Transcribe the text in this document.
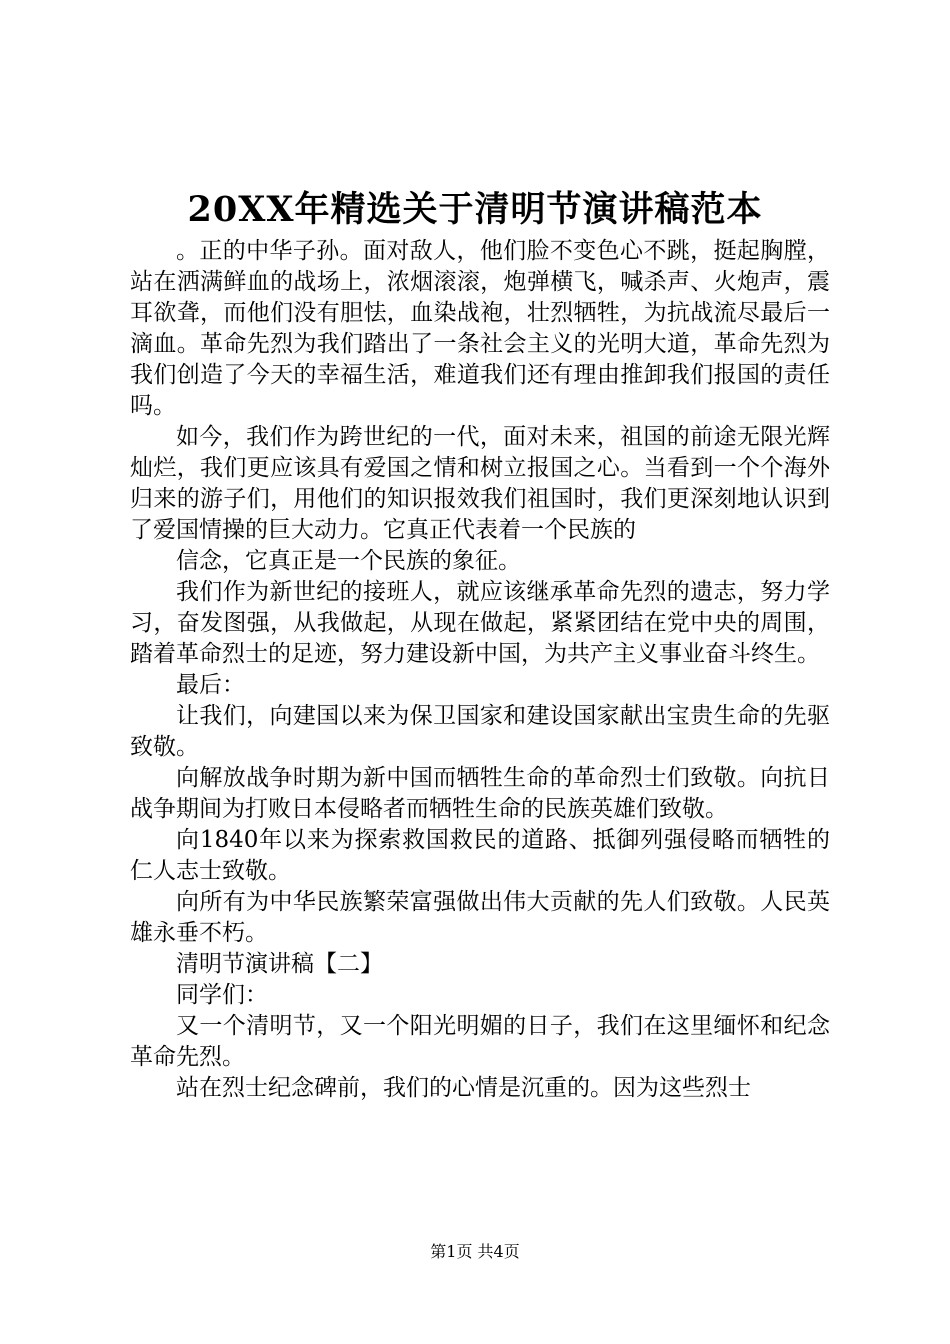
20XX年精选关于清明节演讲稿范本

。正的中华子孙。面对敌人，他们脸不变色心不跳，挺起胸膛，站在洒满鲜血的战场上，浓烟滚滚，炮弹横飞，喊杀声、火炮声，震耳欲聋，而他们没有胆怯，血染战袍，壮烈牺牲，为抗战流尽最后一滴血。革命先烈为我们踏出了一条社会主义的光明大道，革命先烈为我们创造了今天的幸福生活，难道我们还有理由推卸我们报国的责任吗。

如今，我们作为跨世纪的一代，面对未来，祖国的前途无限光辉灿烂，我们更应该具有爱国之情和树立报国之心。当看到一个个海外归来的游子们，用他们的知识报效我们祖国时，我们更深刻地认识到了爱国情操的巨大动力。它真正代表着一个民族的

信念，它真正是一个民族的象征。

我们作为新世纪的接班人，就应该继承革命先烈的遗志，努力学习，奋发图强，从我做起，从现在做起，紧紧团结在党中央的周围，踏着革命烈士的足迹，努力建设新中国，为共产主义事业奋斗终生。

最后：

让我们，向建国以来为保卫国家和建设国家献出宝贵生命的先驱致敬。

向解放战争时期为新中国而牺牲生命的革命烈士们致敬。向抗日战争期间为打败日本侵略者而牺牲生命的民族英雄们致敬。

向1840年以来为探索救国救民的道路、抵御列强侵略而牺牲的仁人志士致敬。

向所有为中华民族繁荣富强做出伟大贡献的先人们致敬。人民英雄永垂不朽。

清明节演讲稿【二】

同学们：

又一个清明节，又一个阳光明媚的日子，我们在这里缅怀和纪念革命先烈。

站在烈士纪念碑前，我们的心情是沉重的。因为这些烈士

第1页 共4页
